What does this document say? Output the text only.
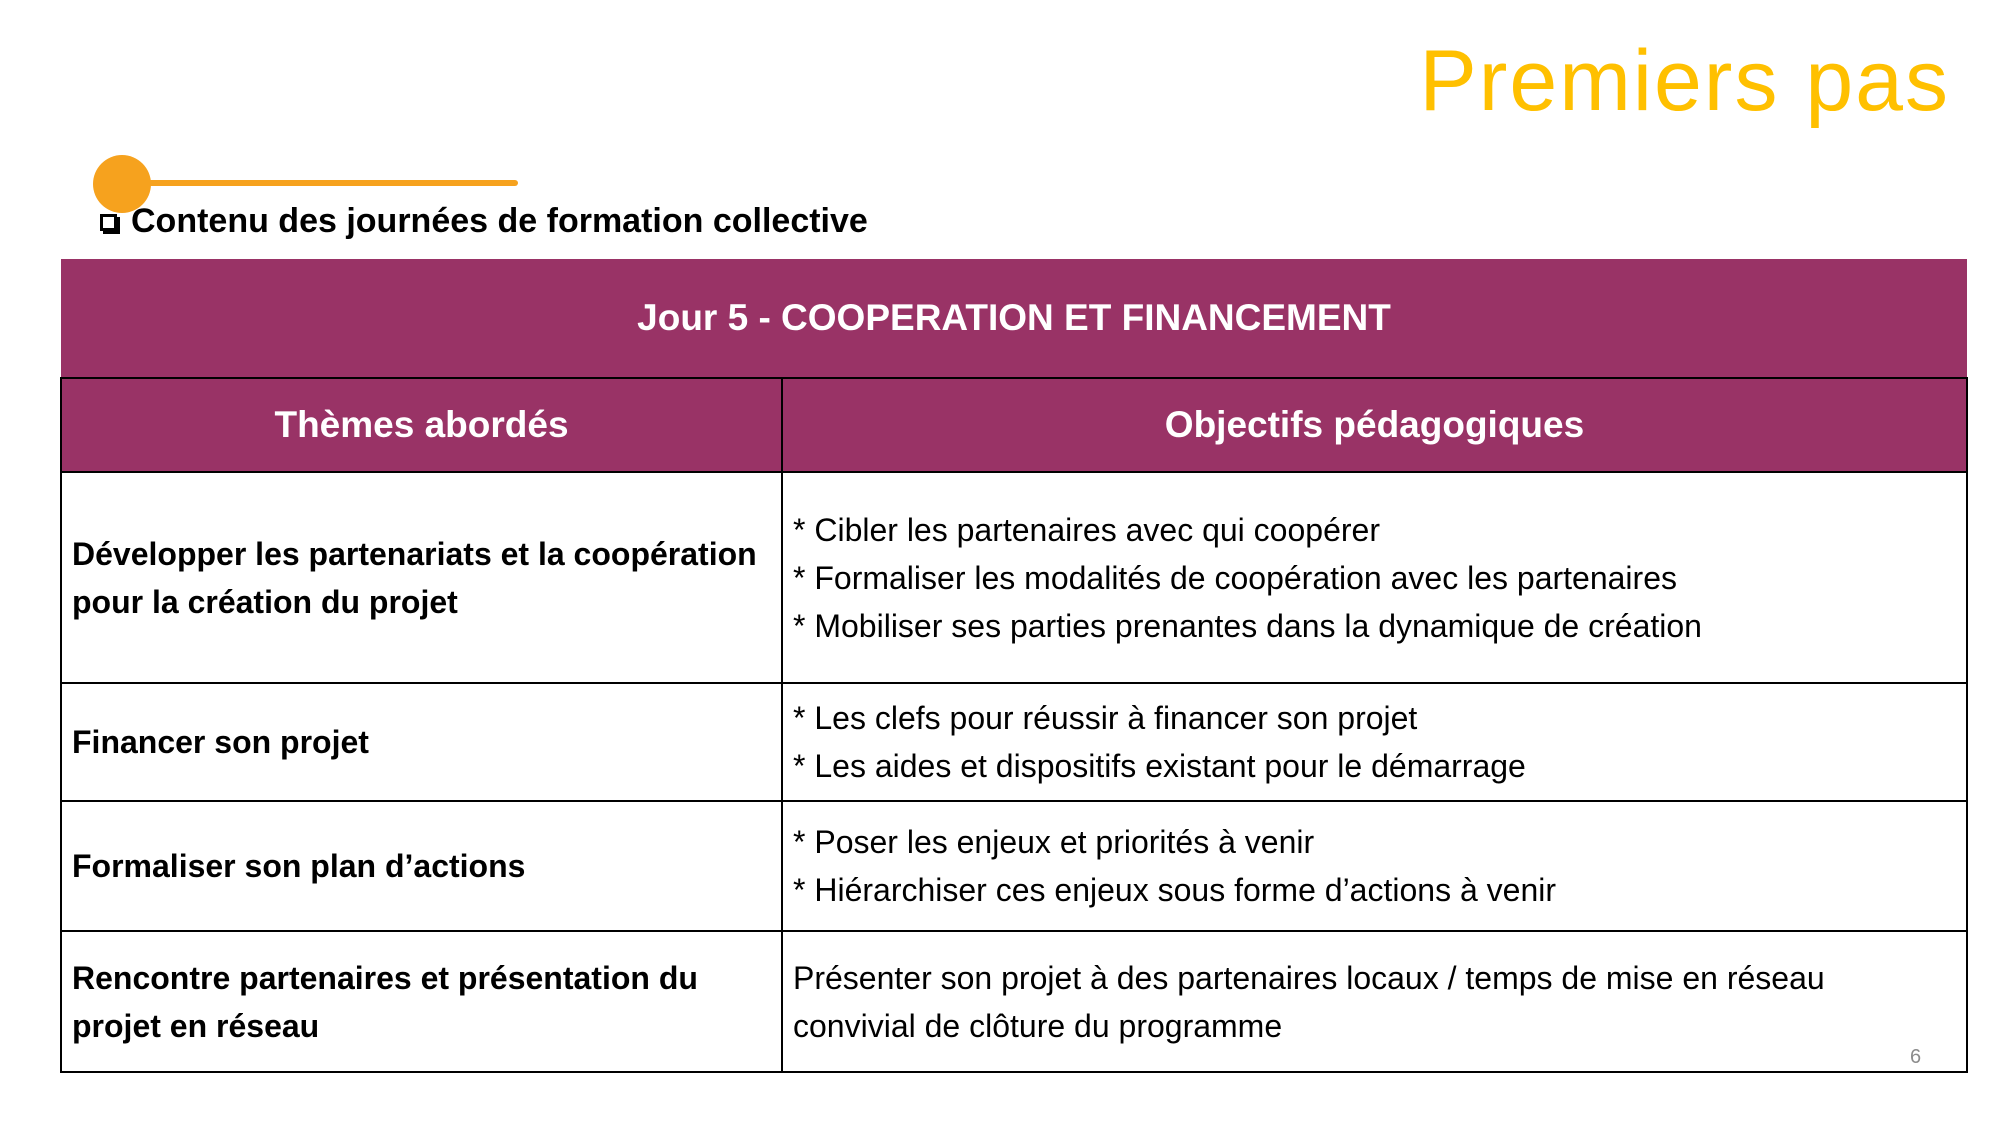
Premiers pas
Contenu des journées de formation collective
Jour 5 - COOPERATION ET FINANCEMENT	
Thèmes abordés	Objectifs pédagogiques
Développer les partenariats et la coopération pour la création du projet	* Cibler les partenaires avec qui coopérer
* Formaliser les modalités de coopération avec les partenaires
* Mobiliser ses parties prenantes dans la dynamique de création

Financer son projet	* Les clefs pour réussir à financer son projet
* Les aides et dispositifs existant pour le démarrage

Formaliser son plan d’actions	* Poser les enjeux et priorités à venir
* Hiérarchiser ces enjeux sous forme d’actions à venir

Rencontre partenaires et présentation du projet en réseau	Présenter son projet à des partenaires locaux / temps de mise en réseau convivial de clôture du programme
6
